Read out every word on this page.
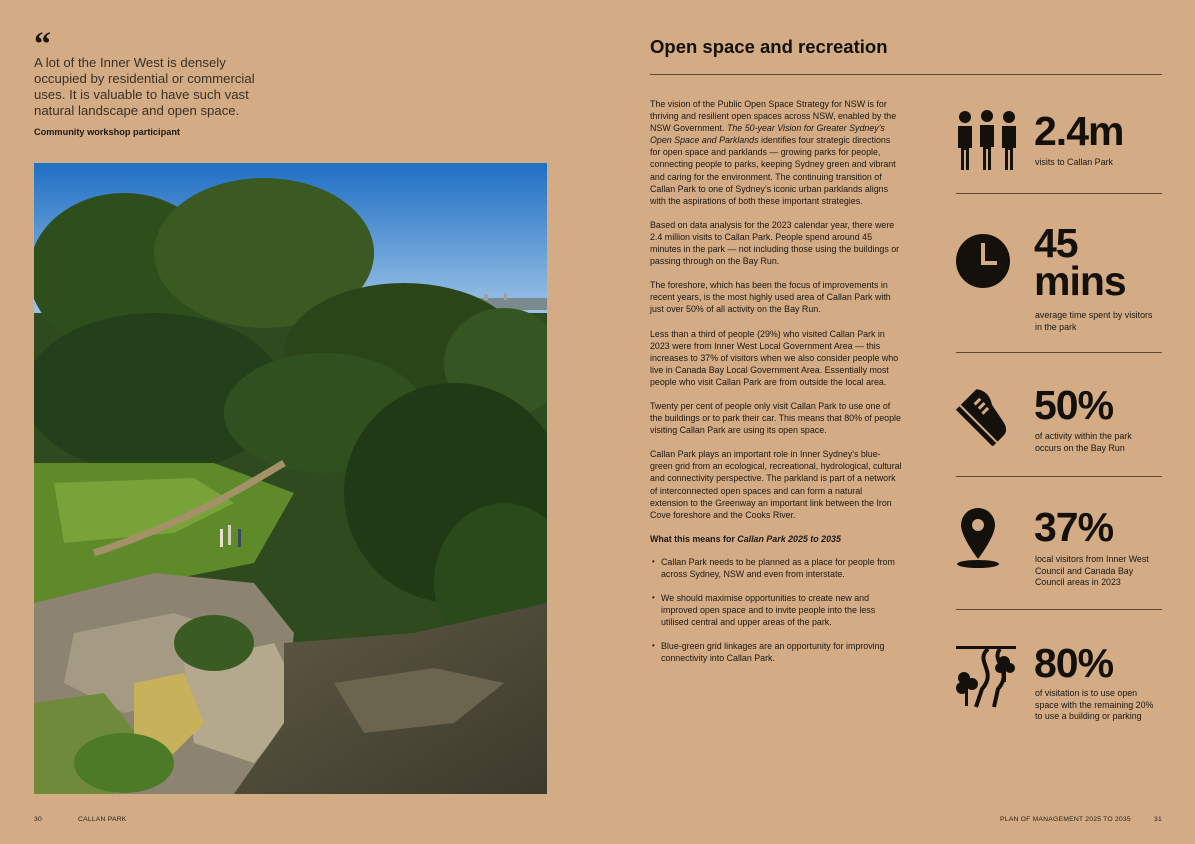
“
A lot of the Inner West is densely occupied by residential or commercial uses. It is valuable to have such vast natural landscape and open space.
Community workshop participant
30	CALLAN PARK	PLAN OF MANAGEMENT 2025 TO 2035	31
Open space and recreation

The vision of the Public Open Space Strategy for NSW is for thriving and resilient open spaces across NSW, enabled by the NSW Government. The 50-year Vision for Greater Sydney's Open Space and Parklands identifies four strategic directions for open space and parklands — growing parks for people, connecting people to parks, keeping Sydney green and vibrant and caring for the environment. The continuing transition of Callan Park to one of Sydney's iconic urban parklands aligns with the aspirations of both these important strategies.

Based on data analysis for the 2023 calendar year, there were 2.4 million visits to Callan Park. People spend around 45 minutes in the park — not including those using the buildings or passing through on the Bay Run.

The foreshore, which has been the focus of improvements in recent years, is the most highly used area of Callan Park with just over 50% of all activity on the Bay Run.

Less than a third of people (29%) who visited Callan Park in 2023 were from Inner West Local Government Area — this increases to 37% of visitors when we also consider people who live in Canada Bay Local Government Area. Essentially most people who visit Callan Park are from outside the local area.

Twenty per cent of people only visit Callan Park to use one of the buildings or to park their car. This means that 80% of people visiting Callan Park are using its open space.

Callan Park plays an important role in Inner Sydney's blue-green grid from an ecological, recreational, hydrological, cultural and connectivity perspective. The parkland is part of a network of interconnected open spaces and can form a natural extension to the Greenway an important link between the Iron Cove foreshore and the Cooks River.

What this means for Callan Park 2025 to 2035
• Callan Park needs to be planned as a place for people from across Sydney, NSW and even from interstate.
• We should maximise opportunities to create new and improved open space and to invite people into the less utilised central and upper areas of the park.
• Blue-green grid linkages are an opportunity for improving connectivity into Callan Park.
2.4m
visits to Callan Park
45 mins
average time spent by visitors in the park
50%
of activity within the park occurs on the Bay Run
37%
local visitors from Inner West Council and Canada Bay Council areas in 2023
80%
of visitation is to use open space with the remaining 20% to use a building or parking
